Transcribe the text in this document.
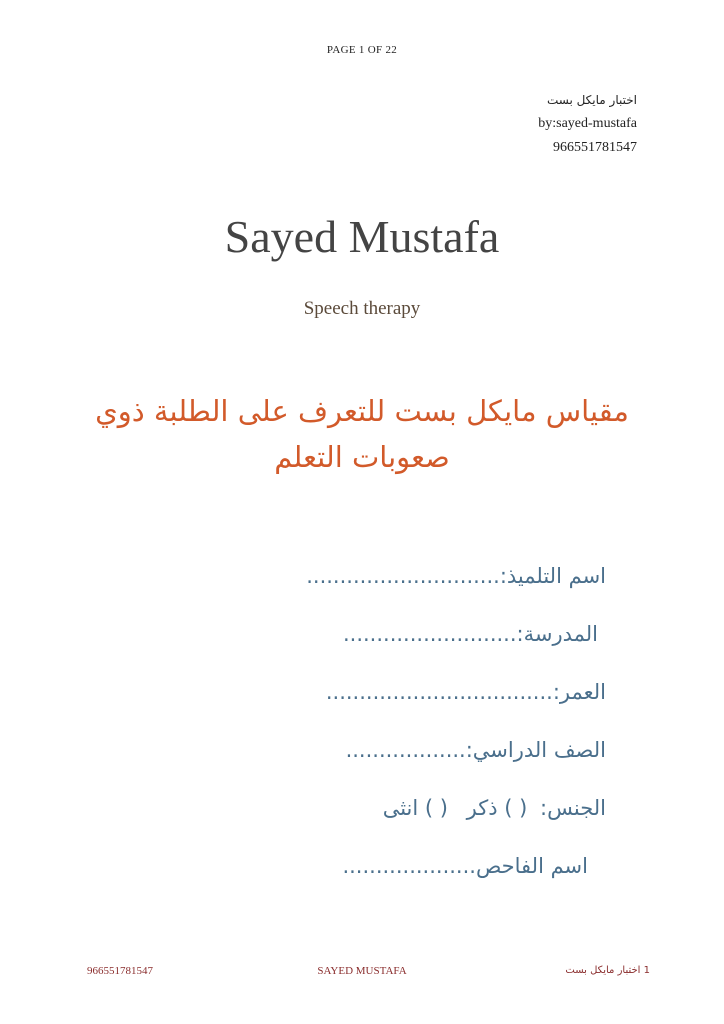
PAGE 1 OF 22
اختبار مايكل بست
by:sayed-mustafa
966551781547
Sayed Mustafa
Speech therapy
مقياس مايكل بست للتعرف على الطلبة ذوي
صعوبات التعلم
اسم التلميذ:.............................
المدرسة:..........................
العمر:..................................
الصف الدراسي:..................
الجنس: ( ) ذكر ( ) انثى
اسم الفاحص....................
966551781547	SAYED MUSTAFA	1 اختبار مايكل بست
